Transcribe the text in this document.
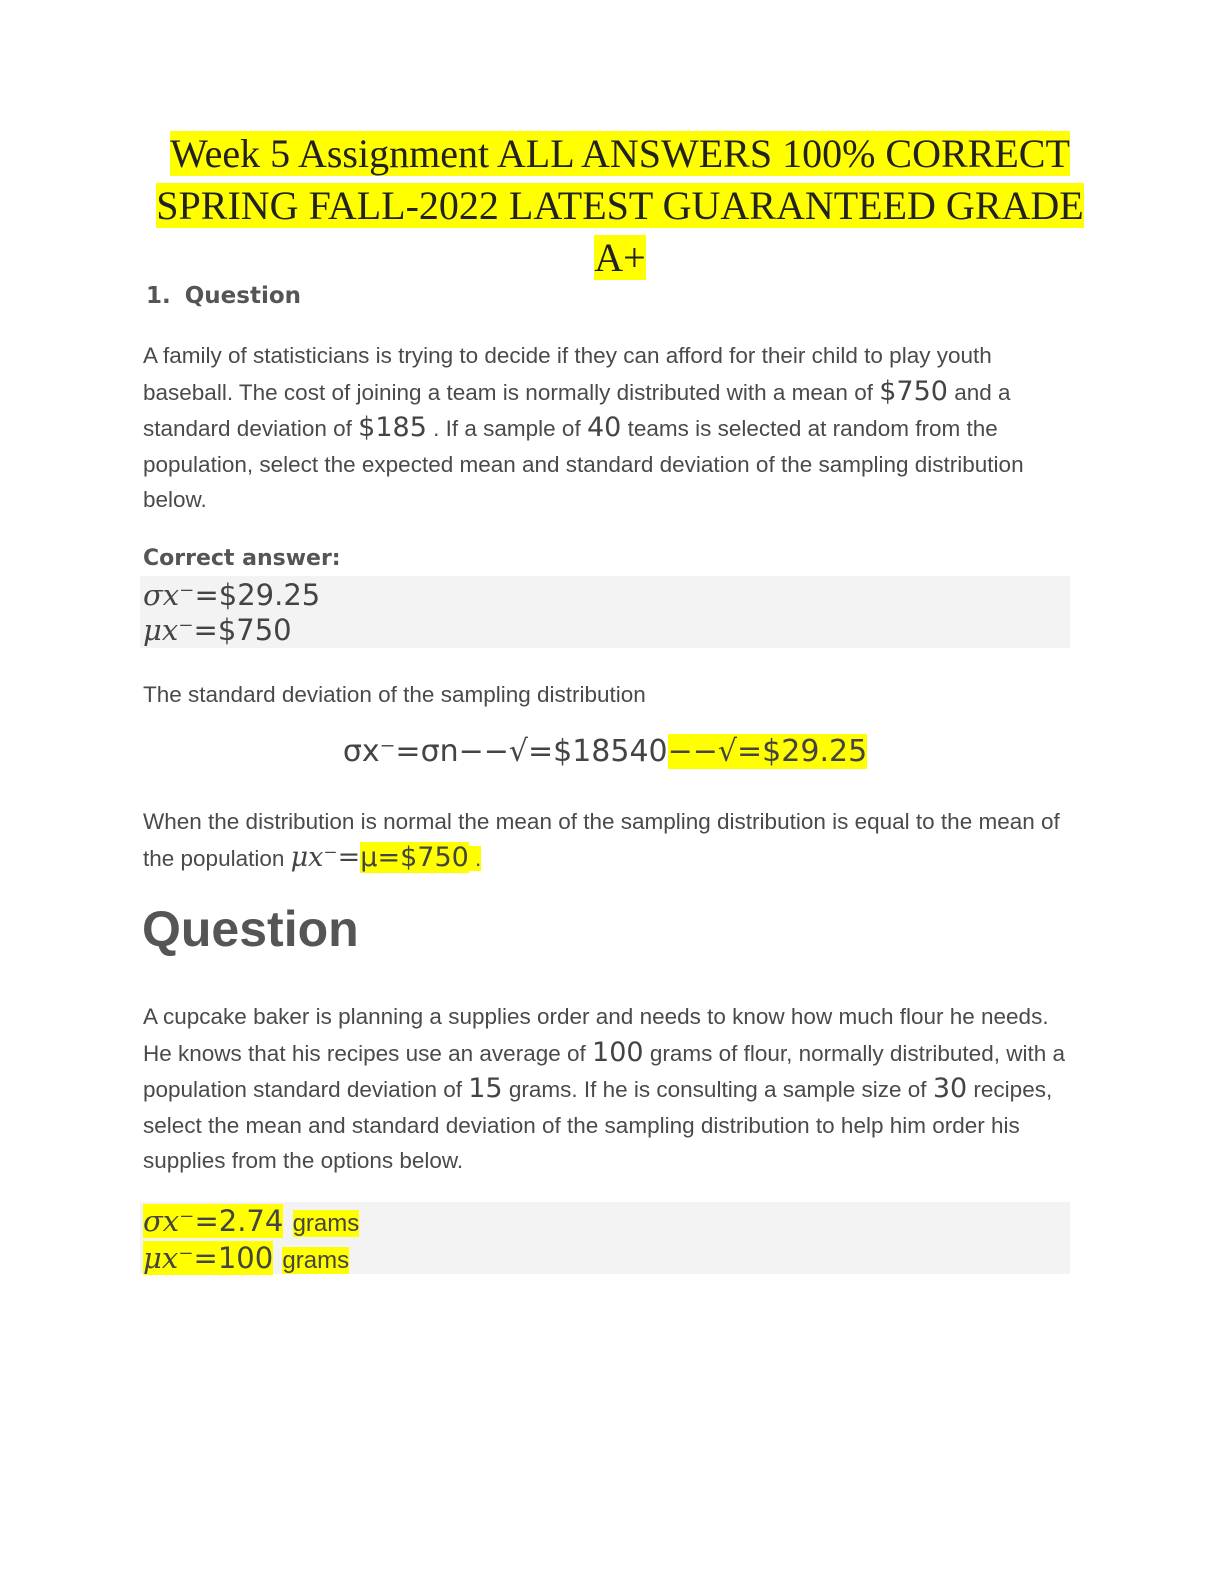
Week 5 Assignment ALL ANSWERS 100% CORRECT
SPRING FALL-2022 LATEST GUARANTEED GRADE
A+
1. Question
A family of statisticians is trying to decide if they can afford for their child to play youth baseball. The cost of joining a team is normally distributed with a mean of $750 and a standard deviation of $185 . If a sample of 40 teams is selected at random from the population, select the expected mean and standard deviation of the sampling distribution below.
Correct answer:
σx⁻=$29.25
μx⁻=$750
The standard deviation of the sampling distribution
σx⁻=σn−−√=$18540−−√=$29.25
When the distribution is normal the mean of the sampling distribution is equal to the mean of the population μx⁻=μ=$750 .
Question
A cupcake baker is planning a supplies order and needs to know how much flour he needs. He knows that his recipes use an average of 100 grams of flour, normally distributed, with a population standard deviation of 15 grams. If he is consulting a sample size of 30 recipes, select the mean and standard deviation of the sampling distribution to help him order his supplies from the options below.
σx⁻=2.74 grams
μx⁻=100 grams
